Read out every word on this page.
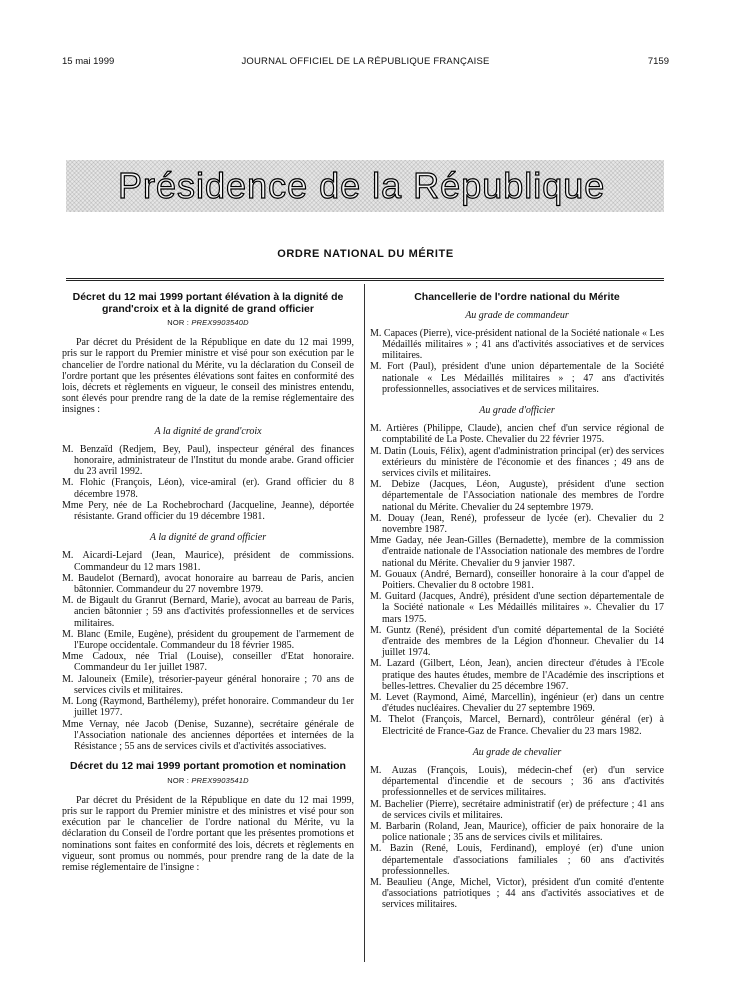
15 mai 1999	JOURNAL OFFICIEL DE LA RÉPUBLIQUE FRANÇAISE	7159
Présidence de la République
ORDRE NATIONAL DU MÉRITE
Décret du 12 mai 1999 portant élévation à la dignité de grand'croix et à la dignité de grand officier
NOR : PREX9903540D

Par décret du Président de la République en date du 12 mai 1999, pris sur le rapport du Premier ministre et visé pour son exécution par le chancelier de l'ordre national du Mérite, vu la déclaration du Conseil de l'ordre portant que les présentes élévations sont faites en conformité des lois, décrets et règlements en vigueur, le conseil des ministres entendu, sont élevés pour prendre rang de la date de la remise réglementaire des insignes :

A la dignité de grand'croix

M. Benzaïd (Redjem, Bey, Paul), inspecteur général des finances honoraire, administrateur de l'Institut du monde arabe. Grand officier du 23 avril 1992.

M. Flohic (François, Léon), vice-amiral (er). Grand officier du 8 décembre 1978.

Mme Pery, née de La Rochebrochard (Jacqueline, Jeanne), déportée résistante. Grand officier du 19 décembre 1981.

A la dignité de grand officier

M. Aicardi-Lejard (Jean, Maurice), président de commissions. Commandeur du 12 mars 1981.

M. Baudelot (Bernard), avocat honoraire au barreau de Paris, ancien bâtonnier. Commandeur du 27 novembre 1979.

M. de Bigault du Granrut (Bernard, Marie), avocat au barreau de Paris, ancien bâtonnier ; 59 ans d'activités professionnelles et de services militaires.

M. Blanc (Emile, Eugène), président du groupement de l'armement de l'Europe occidentale. Commandeur du 18 février 1985.

Mme Cadoux, née Trial (Louise), conseiller d'Etat honoraire. Commandeur du 1er juillet 1987.

M. Jalouneix (Emile), trésorier-payeur général honoraire ; 70 ans de services civils et militaires.

M. Long (Raymond, Barthélemy), préfet honoraire. Commandeur du 1er juillet 1977.

Mme Vernay, née Jacob (Denise, Suzanne), secrétaire générale de l'Association nationale des anciennes déportées et internées de la Résistance ; 55 ans de services civils et d'activités associatives.

Décret du 12 mai 1999 portant promotion et nomination
NOR : PREX9903541D

Par décret du Président de la République en date du 12 mai 1999, pris sur le rapport du Premier ministre et des ministres et visé pour son exécution par le chancelier de l'ordre national du Mérite, vu la déclaration du Conseil de l'ordre portant que les présentes promotions et nominations sont faites en conformité des lois, décrets et règlements en vigueur, sont promus ou nommés, pour prendre rang de la date de la remise réglementaire de l'insigne :

Chancellerie de l'ordre national du Mérite
Au grade de commandeur

M. Capaces (Pierre), vice-président national de la Société nationale « Les Médaillés militaires » ; 41 ans d'activités associatives et de services militaires.

M. Fort (Paul), président d'une union départementale de la Société nationale « Les Médaillés militaires » ; 47 ans d'activités professionnelles, associatives et de services militaires.

Au grade d'officier

M. Artières (Philippe, Claude), ancien chef d'un service régional de comptabilité de La Poste. Chevalier du 22 février 1975.

M. Datin (Louis, Félix), agent d'administration principal (er) des services extérieurs du ministère de l'économie et des finances ; 49 ans de services civils et militaires.

M. Debize (Jacques, Léon, Auguste), président d'une section départementale de l'Association nationale des membres de l'ordre national du Mérite. Chevalier du 24 septembre 1979.

M. Douay (Jean, René), professeur de lycée (er). Chevalier du 2 novembre 1987.

Mme Gaday, née Jean-Gilles (Bernadette), membre de la commission d'entraide nationale de l'Association nationale des membres de l'ordre national du Mérite. Chevalier du 9 janvier 1987.

M. Gouaux (André, Bernard), conseiller honoraire à la cour d'appel de Poitiers. Chevalier du 8 octobre 1981.

M. Guitard (Jacques, André), président d'une section départementale de la Société nationale « Les Médaillés militaires ». Chevalier du 17 mars 1975.

M. Guntz (René), président d'un comité départemental de la Société d'entraide des membres de la Légion d'honneur. Chevalier du 14 juillet 1974.

M. Lazard (Gilbert, Léon, Jean), ancien directeur d'études à l'Ecole pratique des hautes études, membre de l'Académie des inscriptions et belles-lettres. Chevalier du 25 décembre 1967.

M. Levet (Raymond, Aimé, Marcellin), ingénieur (er) dans un centre d'études nucléaires. Chevalier du 27 septembre 1969.

M. Thelot (François, Marcel, Bernard), contrôleur général (er) à Electricité de France-Gaz de France. Chevalier du 23 mars 1982.

Au grade de chevalier

M. Auzas (François, Louis), médecin-chef (er) d'un service départemental d'incendie et de secours ; 36 ans d'activités professionnelles et de services militaires.

M. Bachelier (Pierre), secrétaire administratif (er) de préfecture ; 41 ans de services civils et militaires.

M. Barbarin (Roland, Jean, Maurice), officier de paix honoraire de la police nationale ; 35 ans de services civils et militaires.

M. Bazin (René, Louis, Ferdinand), employé (er) d'une union départementale d'associations familiales ; 60 ans d'activités professionnelles.

M. Beaulieu (Ange, Michel, Victor), président d'un comité d'entente d'associations patriotiques ; 44 ans d'activités associatives et de services militaires.
